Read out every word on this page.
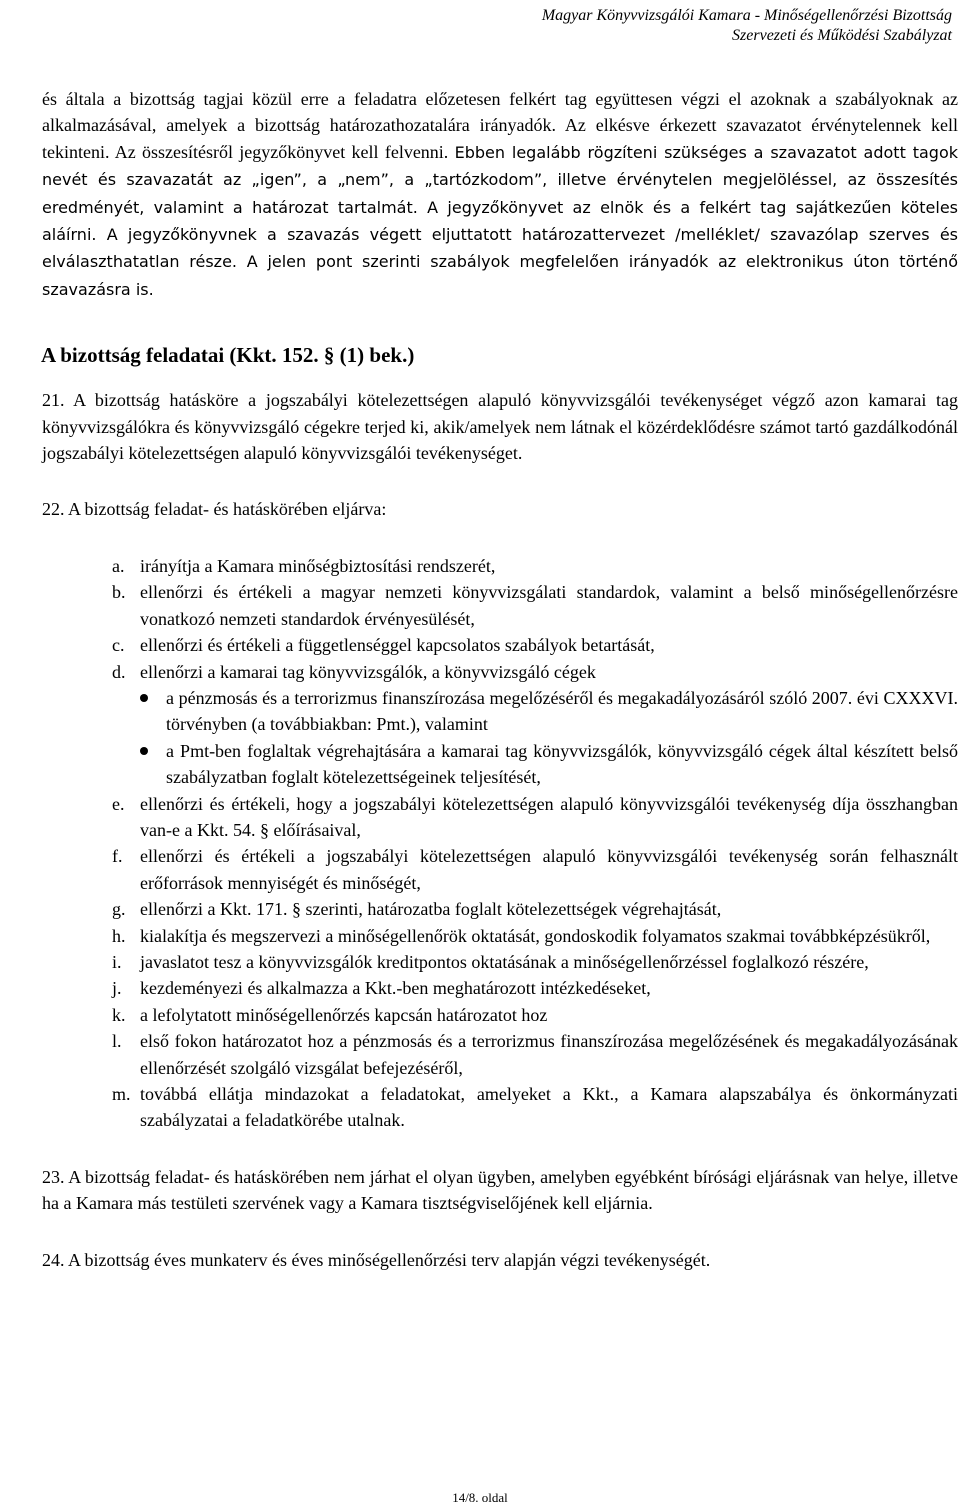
Magyar Könyvvizsgálói Kamara - Minőségellenőrzési Bizottság
Szervezeti és Működési Szabályzat

és általa a bizottság tagjai közül erre a feladatra előzetesen felkért tag együttesen végzi el azoknak a szabályoknak az alkalmazásával, amelyek a bizottság határozathozatalára irányadók. Az elkésve érkezett szavazatot érvénytelennek kell tekinteni. Az összesítésről jegyzőkönyvet kell felvenni. Ebben legalább rögzíteni szükséges a szavazatot adott tagok nevét és szavazatát az „igen”, a „nem”, a „tartózkodom”, illetve érvénytelen megjelöléssel, az összesítés eredményét, valamint a határozat tartalmát. A jegyzőkönyvet az elnök és a felkért tag sajátkezűen köteles aláírni. A jegyzőkönyvnek a szavazás végett eljuttatott határozattervezet /melléklet/ szavazólap szerves és elválaszthatatlan része. A jelen pont szerinti szabályok megfelelően irányadók az elektronikus úton történő szavazásra is.

A bizottság feladatai (Kkt. 152. § (1) bek.)

21. A bizottság hatásköre a jogszabályi kötelezettségen alapuló könyvvizsgálói tevékenységet végző azon kamarai tag könyvvizsgálókra és könyvvizsgáló cégekre terjed ki, akik/amelyek nem látnak el közérdeklődésre számot tartó gazdálkodónál jogszabályi kötelezettségen alapuló könyvvizsgálói tevékenységet.

22. A bizottság feladat- és hatáskörében eljárva:

a. irányítja a Kamara minőségbiztosítási rendszerét,
b. ellenőrzi és értékeli a magyar nemzeti könyvvizsgálati standardok, valamint a belső minőségellenőrzésre vonatkozó nemzeti standardok érvényesülését,
c. ellenőrzi és értékeli a függetlenséggel kapcsolatos szabályok betartását,
d. ellenőrzi a kamarai tag könyvvizsgálók, a könyvvizsgáló cégek
a pénzmosás és a terrorizmus finanszírozása megelőzéséről és megakadályozásáról szóló 2007. évi CXXXVI. törvényben (a továbbiakban: Pmt.), valamint
a Pmt-ben foglaltak végrehajtására a kamarai tag könyvvizsgálók, könyvvizsgáló cégek által készített belső szabályzatban foglalt kötelezettségeinek teljesítését,
e. ellenőrzi és értékeli, hogy a jogszabályi kötelezettségen alapuló könyvvizsgálói tevékenység díja összhangban van-e a Kkt. 54. § előírásaival,
f. ellenőrzi és értékeli a jogszabályi kötelezettségen alapuló könyvvizsgálói tevékenység során felhasznált erőforrások mennyiségét és minőségét,
g. ellenőrzi a Kkt. 171. § szerinti, határozatba foglalt kötelezettségek végrehajtását,
h. kialakítja és megszervezi a minőségellenőrök oktatását, gondoskodik folyamatos szakmai továbbképzésükről,
i.	javaslatot tesz a könyvvizsgálók kreditpontos oktatásának a minőségellenőrzéssel foglalkozó részére,
j.	kezdeményezi és alkalmazza a Kkt.-ben meghatározott intézkedéseket,
k. a lefolytatott minőségellenőrzés kapcsán határozatot hoz
l.	első fokon határozatot hoz a pénzmosás és a terrorizmus finanszírozása megelőzésének és megakadályozásának ellenőrzését szolgáló vizsgálat befejezéséről,
m. továbbá ellátja mindazokat a feladatokat, amelyeket a Kkt., a Kamara alapszabálya és önkormányzati szabályzatai a feladatkörébe utalnak.

23. A bizottság feladat- és hatáskörében nem járhat el olyan ügyben, amelyben egyébként bírósági eljárásnak van helye, illetve ha a Kamara más testületi szervének vagy a Kamara tisztségviselőjének kell eljárnia.

24. A bizottság éves munkaterv és éves minőségellenőrzési terv alapján végzi tevékenységét.

14/8. oldal
